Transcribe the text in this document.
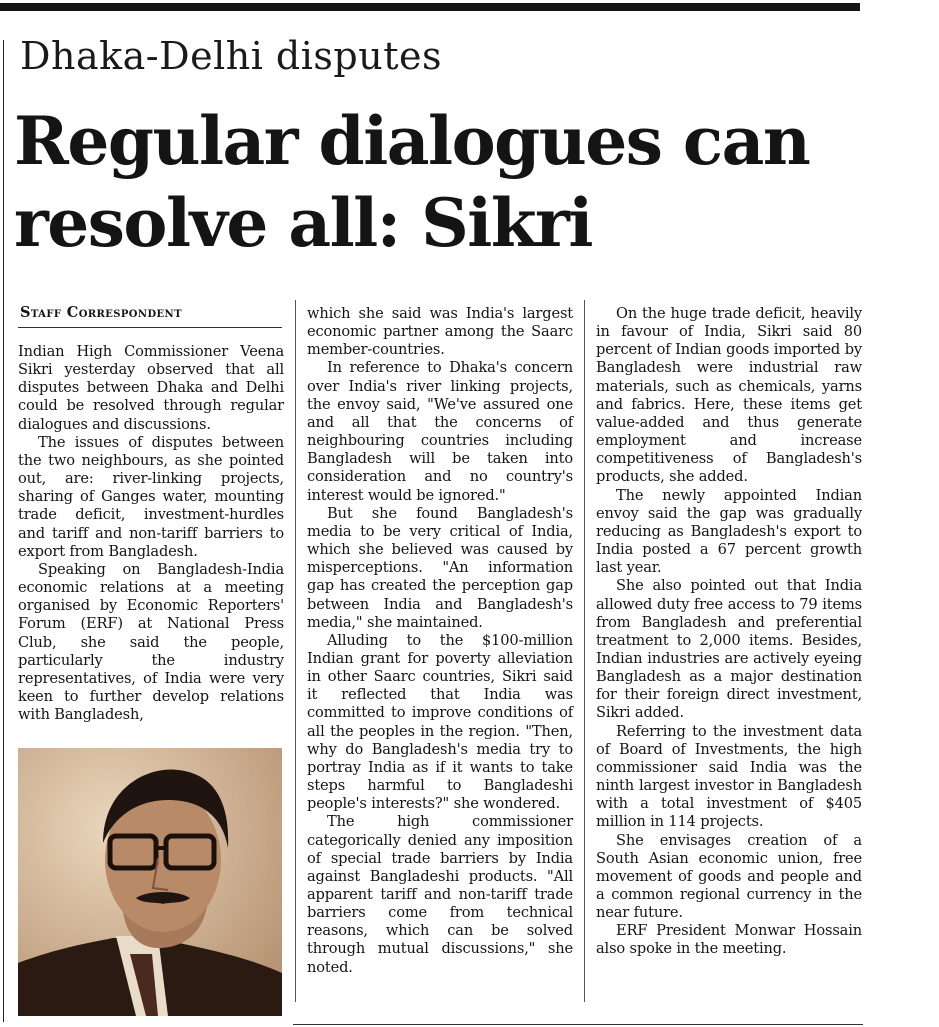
Dhaka-Delhi disputes
Regular dialogues can
resolve all: Sikri
Staff Correspondent

Indian High Commissioner Veena Sikri yesterday observed that all disputes between Dhaka and Delhi could be resolved through regular dialogues and discussions.

The issues of disputes between the two neighbours, as she pointed out, are: river-linking projects, sharing of Ganges water, mounting trade deficit, investment-hurdles and tariff and non-tariff barriers to export from Bangladesh.

Speaking on Bangladesh-India economic relations at a meeting organised by Economic Reporters' Forum (ERF) at National Press Club, she said the people, particularly the industry representatives, of India were very keen to further develop relations with Bangladesh,

which she said was India's largest economic partner among the Saarc member-countries.

In reference to Dhaka's concern over India's river linking projects, the envoy said, "We've assured one and all that the concerns of neighbouring countries including Bangladesh will be taken into consideration and no country's interest would be ignored."

But she found Bangladesh's media to be very critical of India, which she believed was caused by misperceptions. "An information gap has created the perception gap between India and Bangladesh's media," she maintained.

Alluding to the $100-million Indian grant for poverty alleviation in other Saarc countries, Sikri said it reflected that India was committed to improve conditions of all the peoples in the region. "Then, why do Bangladesh's media try to portray India as if it wants to take steps harmful to Bangladeshi people's interests?" she wondered.

The high commissioner categorically denied any imposition of special trade barriers by India against Bangladeshi products. "All apparent tariff and non-tariff trade barriers come from technical reasons, which can be solved through mutual discussions," she noted.

On the huge trade deficit, heavily in favour of India, Sikri said 80 percent of Indian goods imported by Bangladesh were industrial raw materials, such as chemicals, yarns and fabrics. Here, these items get value-added and thus generate employment and increase competitiveness of Bangladesh's products, she added.

The newly appointed Indian envoy said the gap was gradually reducing as Bangladesh's export to India posted a 67 percent growth last year.

She also pointed out that India allowed duty free access to 79 items from Bangladesh and preferential treatment to 2,000 items. Besides, Indian industries are actively eyeing Bangladesh as a major destination for their foreign direct investment, Sikri added.

Referring to the investment data of Board of Investments, the high commissioner said India was the ninth largest investor in Bangladesh with a total investment of $405 million in 114 projects.

She envisages creation of a South Asian economic union, free movement of goods and people and a common regional currency in the near future.

ERF President Monwar Hossain also spoke in the meeting.
